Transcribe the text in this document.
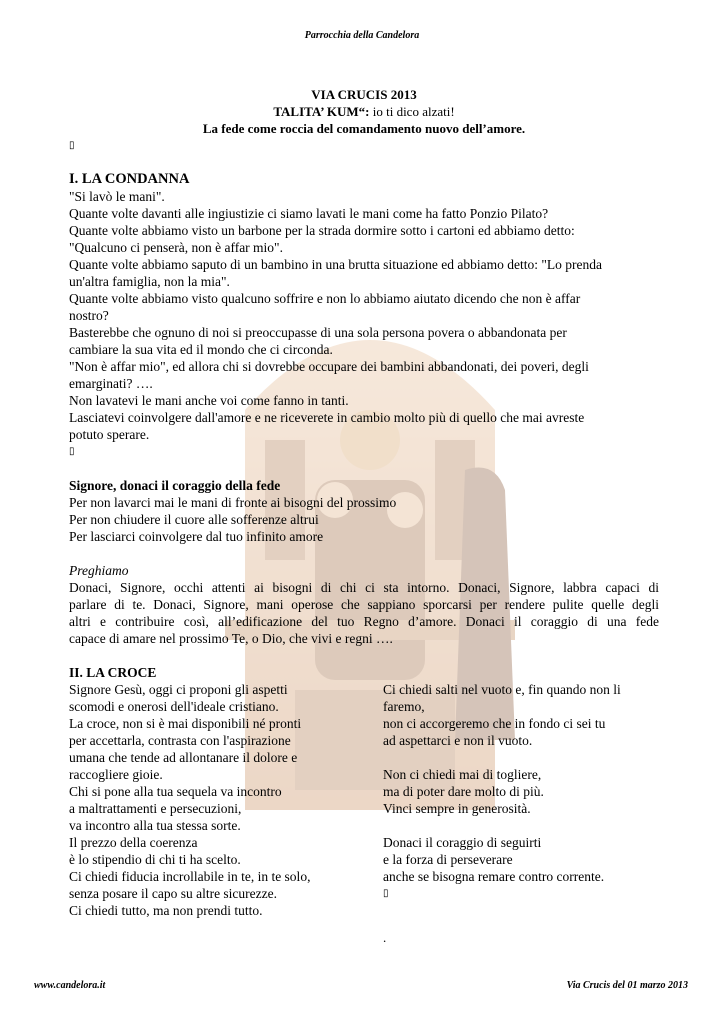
Parrocchia della Candelora
VIA CRUCIS 2013
TALITA’ KUM“: io ti dico alzati!
La fede come roccia del comandamento nuovo dell’amore.
▯
I. LA CONDANNA
"Si lavò le mani".
Quante volte davanti alle ingiustizie ci siamo lavati le mani come ha fatto Ponzio Pilato?
Quante volte abbiamo visto un barbone per la strada dormire sotto i cartoni ed abbiamo detto:
"Qualcuno ci penserà, non è affar mio".
Quante volte abbiamo saputo di un bambino in una brutta situazione ed abbiamo detto: "Lo prenda
un'altra famiglia, non la mia".
Quante volte abbiamo visto qualcuno soffrire e non lo abbiamo aiutato dicendo che non è affar
nostro?
Basterebbe che ognuno di noi si preoccupasse di una sola persona povera o abbandonata per
cambiare la sua vita ed il mondo che ci circonda.
"Non è affar mio", ed allora chi si dovrebbe occupare dei bambini abbandonati, dei poveri, degli
emarginati? ….
Non lavatevi le mani anche voi come fanno in tanti.
Lasciatevi coinvolgere dall'amore e ne riceverete in cambio molto più di quello che mai avreste
potuto sperare.
▯
Signore, donaci il coraggio della fede
Per non lavarci mai le mani di fronte ai bisogni del prossimo
Per non chiudere il cuore alle sofferenze altrui
Per lasciarci coinvolgere dal tuo infinito amore
Preghiamo
Donaci, Signore, occhi attenti ai bisogni di chi ci sta intorno. Donaci, Signore, labbra capaci di
parlare di te. Donaci, Signore, mani operose che sappiano sporcarsi per rendere pulite quelle degli
altri e contribuire così, all’edificazione del tuo Regno d’amore. Donaci il coraggio di una fede
capace di amare nel prossimo Te, o Dio, che vivi e regni ….
II. LA CROCE
Signore Gesù, oggi ci proponi gli aspetti
scomodi e onerosi dell'ideale cristiano.
La croce, non si è mai disponibili né pronti
per accettarla, contrasta con l'aspirazione
umana che tende ad allontanare il dolore e
raccogliere gioie.
Chi si pone alla tua sequela va incontro
a maltrattamenti e persecuzioni,
va incontro alla tua stessa sorte.
Il prezzo della coerenza
è lo stipendio di chi ti ha scelto.
Ci chiedi fiducia incrollabile in te, in te solo,
senza posare il capo su altre sicurezze.
Ci chiedi tutto, ma non prendi tutto.
Ci chiedi salti nel vuoto e, fin quando non li
faremo,
non ci accorgeremo che in fondo ci sei tu
ad aspettarci e non il vuoto.
Non ci chiedi mai di togliere,
ma di poter dare molto di più.
Vinci sempre in generosità.
Donaci il coraggio di seguirti
e la forza di perseverare
anche se bisogna remare contro corrente.
▯
.
www.candelora.it	Via Crucis del 01 marzo 2013
